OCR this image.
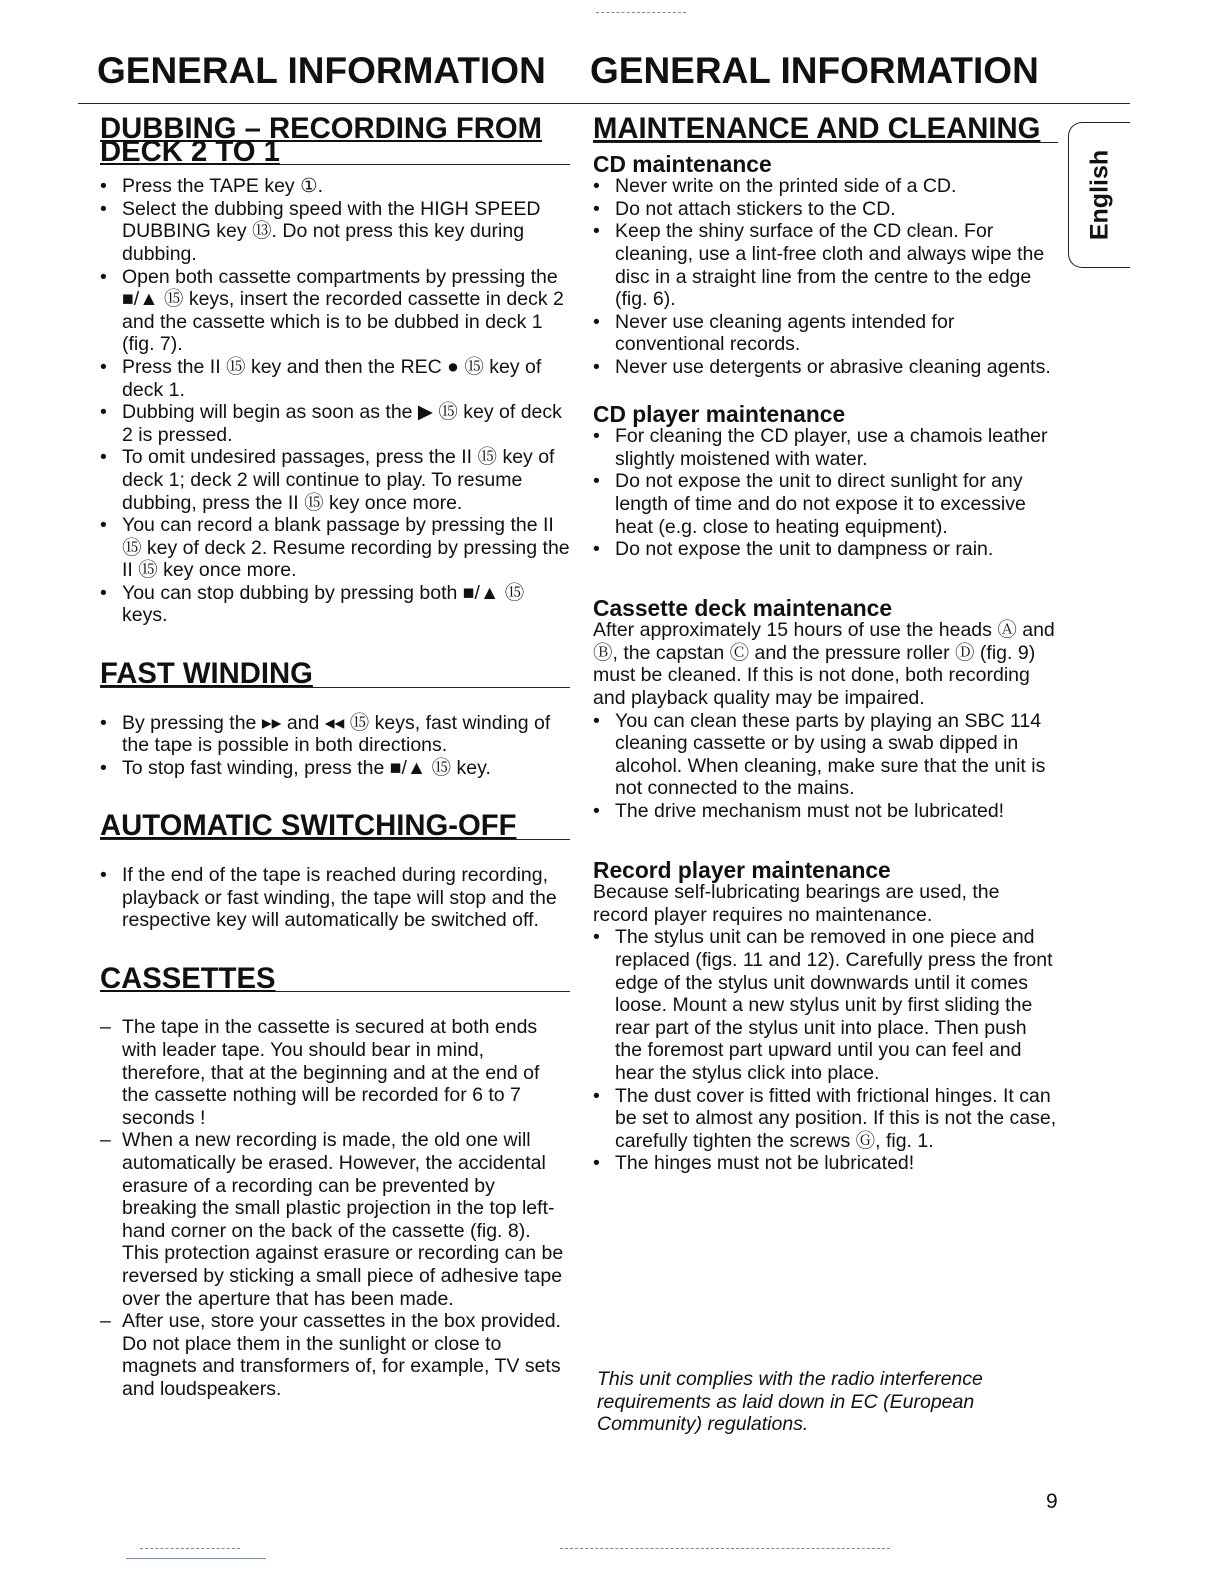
GENERAL INFORMATION GENERAL INFORMATION
English
DUBBING – RECORDING FROM DECK 2 TO 1
• Press the TAPE key ①.
• Select the dubbing speed with the HIGH SPEED DUBBING key ⑬. Do not press this key during dubbing.
• Open both cassette compartments by pressing the ■/▲ ⑮ keys, insert the recorded cassette in deck 2 and the cassette which is to be dubbed in deck 1 (fig. 7).
• Press the II ⑮ key and then the REC ● ⑮ key of deck 1.
• Dubbing will begin as soon as the ▶ ⑮ key of deck 2 is pressed.
• To omit undesired passages, press the II ⑮ key of deck 1; deck 2 will continue to play. To resume dubbing, press the II ⑮ key once more.
• You can record a blank passage by pressing the II ⑮ key of deck 2. Resume recording by pressing the II ⑮ key once more.
• You can stop dubbing by pressing both ■/▲ ⑮ keys.
FAST WINDING
• By pressing the ▸▸ and ◂◂ ⑮ keys, fast winding of the tape is possible in both directions.
• To stop fast winding, press the ■/▲ ⑮ key.
AUTOMATIC SWITCHING-OFF
• If the end of the tape is reached during recording, playback or fast winding, the tape will stop and the respective key will automatically be switched off.
CASSETTES
– The tape in the cassette is secured at both ends with leader tape. You should bear in mind, therefore, that at the beginning and at the end of the cassette nothing will be recorded for 6 to 7 seconds !
– When a new recording is made, the old one will automatically be erased. However, the accidental erasure of a recording can be prevented by breaking the small plastic projection in the top left-hand corner on the back of the cassette (fig. 8). This protection against erasure or recording can be reversed by sticking a small piece of adhesive tape over the aperture that has been made.
– After use, store your cassettes in the box provided. Do not place them in the sunlight or close to magnets and transformers of, for example, TV sets and loudspeakers.
MAINTENANCE AND CLEANING
CD maintenance
• Never write on the printed side of a CD.
• Do not attach stickers to the CD.
• Keep the shiny surface of the CD clean. For cleaning, use a lint-free cloth and always wipe the disc in a straight line from the centre to the edge (fig. 6).
• Never use cleaning agents intended for conventional records.
• Never use detergents or abrasive cleaning agents.
CD player maintenance
• For cleaning the CD player, use a chamois leather slightly moistened with water.
• Do not expose the unit to direct sunlight for any length of time and do not expose it to excessive heat (e.g. close to heating equipment).
• Do not expose the unit to dampness or rain.
Cassette deck maintenance

After approximately 15 hours of use the heads Ⓐ and Ⓑ, the capstan Ⓒ and the pressure roller Ⓓ (fig. 9) must be cleaned. If this is not done, both recording and playback quality may be impaired.

• You can clean these parts by playing an SBC 114 cleaning cassette or by using a swab dipped in alcohol. When cleaning, make sure that the unit is not connected to the mains.
• The drive mechanism must not be lubricated!
Record player maintenance

Because self-lubricating bearings are used, the record player requires no maintenance.

• The stylus unit can be removed in one piece and replaced (figs. 11 and 12). Carefully press the front edge of the stylus unit downwards until it comes loose. Mount a new stylus unit by first sliding the rear part of the stylus unit into place. Then push the foremost part upward until you can feel and hear the stylus click into place.
• The dust cover is fitted with frictional hinges. It can be set to almost any position. If this is not the case, carefully tighten the screws Ⓖ, fig. 1.
• The hinges must not be lubricated!

This unit complies with the radio interference requirements as laid down in EC (European Community) regulations.

9
